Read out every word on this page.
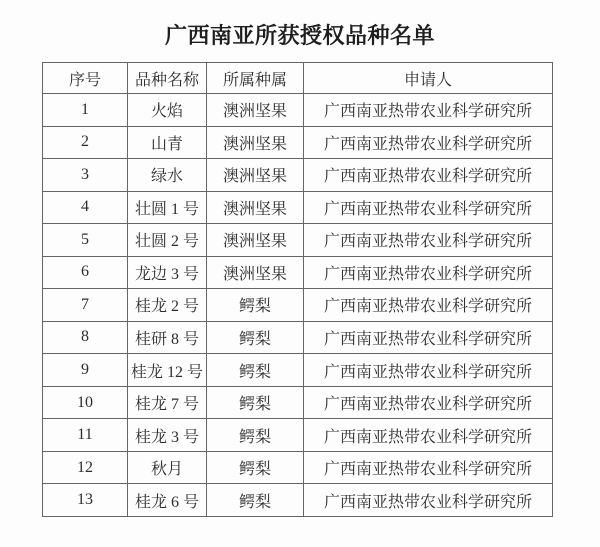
广西南亚所获授权品种名单
序号	品种名称	所属种属	申请人
1	火焰	澳洲坚果	广西南亚热带农业科学研究所
2	山青	澳洲坚果	广西南亚热带农业科学研究所
3	绿水	澳洲坚果	广西南亚热带农业科学研究所
4	壮圆 1 号	澳洲坚果	广西南亚热带农业科学研究所
5	壮圆 2 号	澳洲坚果	广西南亚热带农业科学研究所
6	龙边 3 号	澳洲坚果	广西南亚热带农业科学研究所
7	桂龙 2 号	鳄梨	广西南亚热带农业科学研究所
8	桂研 8 号	鳄梨	广西南亚热带农业科学研究所
9	桂龙 12 号	鳄梨	广西南亚热带农业科学研究所
10	桂龙 7 号	鳄梨	广西南亚热带农业科学研究所
11	桂龙 3 号	鳄梨	广西南亚热带农业科学研究所
12	秋月	鳄梨	广西南亚热带农业科学研究所
13	桂龙 6 号	鳄梨	广西南亚热带农业科学研究所
